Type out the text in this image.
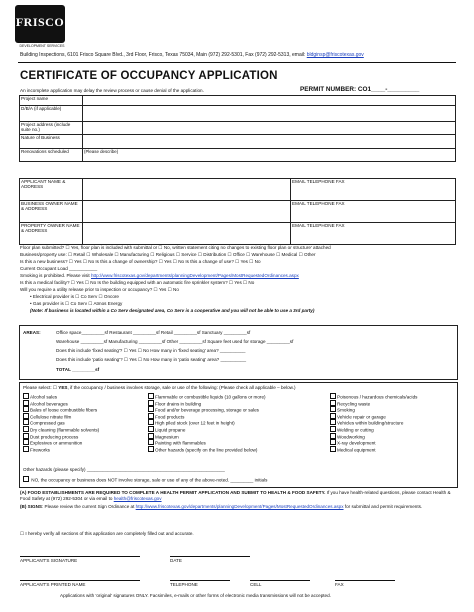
FRISCO
DEVELOPMENT SERVICES
Building Inspections, 6101 Frisco Square Blvd., 3rd Floor, Frisco, Texas 75034, Main (972) 292-5301, Fax (972) 292-5313, email: bldginsp@friscotexas.gov
CERTIFICATE OF OCCUPANCY APPLICATION
An incomplete application may delay the review process or cause denial of the application.	PERMIT NUMBER: CO1____-_________
Project name	
D/B/A (if applicable)	
Project address (include suite no.)	
Nature of Business	
Renovations scheduled	(Please describe)
APPLICANT NAME & ADDRESS		EMAIL TELEPHONE FAX
BUSINESS OWNER NAME & ADDRESS		EMAIL TELEPHONE FAX
PROPERTY OWNER NAME & ADDRESS		EMAIL TELEPHONE FAX
Floor plan submitted? ☐ Yes, floor plan is included with submittal or ☐ No, written statement citing no changes to existing floor plan or structure' attached
Business/property use: ☐ Retail ☐ Wholesale ☐ Manufacturing ☐ Religious ☐ Service ☐ Distribution ☐ Office ☐ Warehouse ☐ Medical ☐ Other
Is this a new business? ☐ Yes ☐ No Is this a change of ownership? ☐ Yes ☐ No Is this a change of use? ☐ Yes ☐ No
Current Occupant Load ___________
Smoking is prohibited. Please visit http://www.friscotexas.gov/departments/planningDevelopment/Pages/MostRequestedOrdinances.aspx
Is this a medical facility? ☐ Yes ☐ No Is the building equipped with an automatic fire sprinkler system? ☐ Yes ☐ No
Will you require a utility release prior to inspection or occupancy? ☐ Yes ☐ No
• Electrical provider is ☐ Co Serv ☐ Oncore
• Gas provider is ☐ Co Serv ☐ Atmos Energy
(Note: If business is located within a Co Serv designated area, Co Serv is a cooperative and you will not be able to use a 3rd party)
AREAS:	Office space_________sf Restaurant _________sf Retail _________sf Sanctuary _________sf
Warehouse _________sf Manufacturing _________sf Other _________sf Square feet used for storage _________sf
Does this include 'fixed seating'? ☐ Yes ☐ No How many in 'fixed seating' area? __________
Does this include 'patio seating'? ☐ Yes ☐ No How many in 'patio seating' area? __________
TOTAL _________sf
Please select: ☐ YES, if the occupancy / business involves storage, sale or use of the following: (Please check all applicable – below.)
Alcohol sales
Alcohol beverages
Bales of loose combustible fibers
Cellulose nitrate film
Compressed gas
Dry cleaning (flammable solvents)
Dust producing process
Explosives or ammunition
Fireworks
Flammable or combustible liquids (10 gallons or more)
Floor drains in building
Food and/or beverage processing, storage or sales
Food products
High piled stock (over 12 feet in height)
Liquid propane
Magnesium
Painting with flammables
Other hazards (specify on the line provided below)
Poisonous / hazardous chemicals/acids
Recycling waste
Smoking
Vehicle repair or garage
Vehicles within building/structure
Welding or cutting
Woodworking
X-ray development
Medical equipment
Other hazards (please specify) ______________________________________________________
NO, the occupancy or business does NOT involve storage, sale or use of any of the above-noted. _________ initials
(A) FOOD ESTABLISHMENTS ARE REQUIRED TO COMPLETE A HEALTH PERMIT APPLICATION AND SUBMIT TO HEALTH & FOOD SAFETY. If you have health-related questions, please contact Health & Food Safety at (972) 292-5304 or via email to health@friscotexas.gov
(B) SIGNS: Please review the current Sign Ordinance at http://www.friscotexas.gov/departments/planningDevelopment/Pages/MostRequestedOrdinances.aspx for submittal and permit requirements.
☐ I hereby verify all sections of this application are completely filled out and accurate.
APPLICANT'S SIGNATURE	DATE
APPLICANT'S PRINTED NAME	TELEPHONE	CELL	FAX
Applications with 'original' signatures ONLY. Facsimiles, e-mails or other forms of electronic media transmissions will not be accepted.
